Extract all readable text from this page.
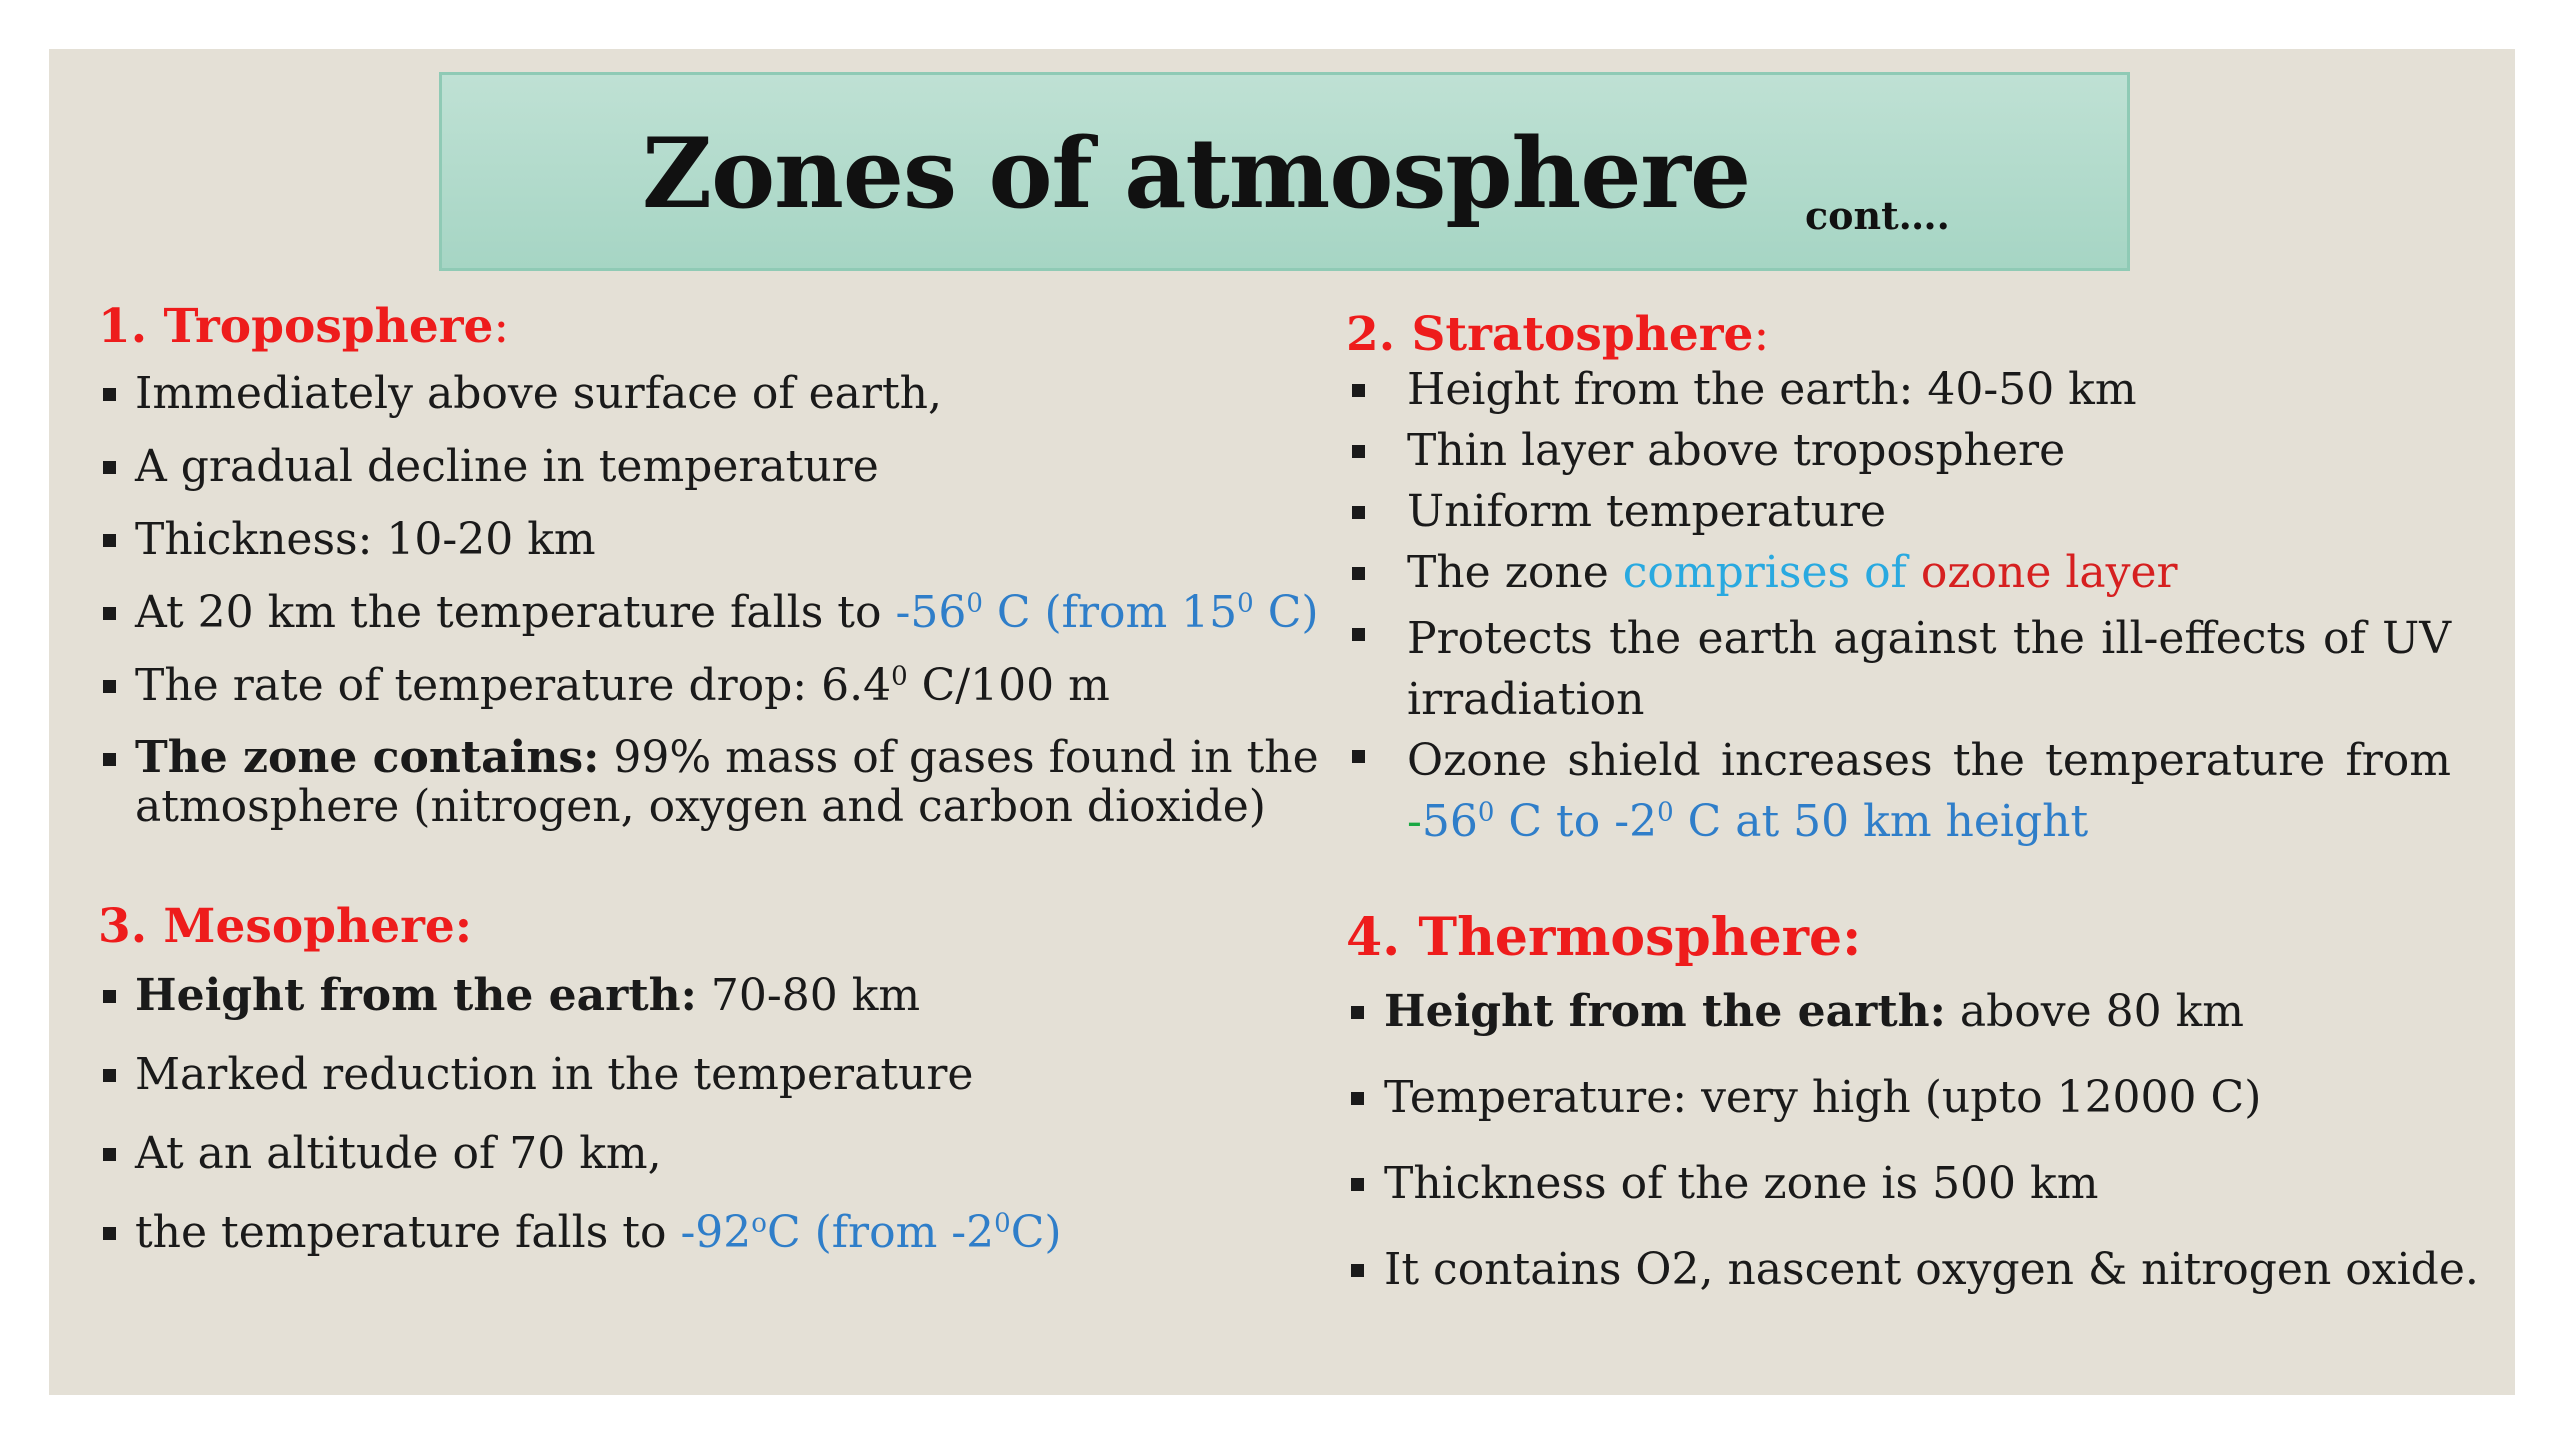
Zones of atmosphere cont….
1. Troposphere:
Immediately above surface of earth,
A gradual decline in temperature
Thickness: 10-20 km
At 20 km the temperature falls to $-56^0$ C (from $15^0$ C)
The rate of temperature drop: $6.4^0$ C/100 m
The zone contains: 99% mass of gases found in the atmosphere (nitrogen, oxygen and carbon dioxide)
2. Stratosphere:
Height from the earth: 40-50 km
Thin layer above troposphere
Uniform temperature
The zone comprises of ozone layer
Protects the earth against the ill-effects of UV irradiation
Ozone shield increases the temperature from $-56^0$ C to $-2^0$ C at 50 km height
3. Mesophere:
Height from the earth: 70-80 km
Marked reduction in the temperature
At an altitude of 70 km,
the temperature falls to -92$^o$C (from $-2^0C$)
4. Thermosphere:
Height from the earth: above 80 km
Temperature: very high (upto 12000 C)
Thickness of the zone is 500 km
It contains O2, nascent oxygen & nitrogen oxide.
